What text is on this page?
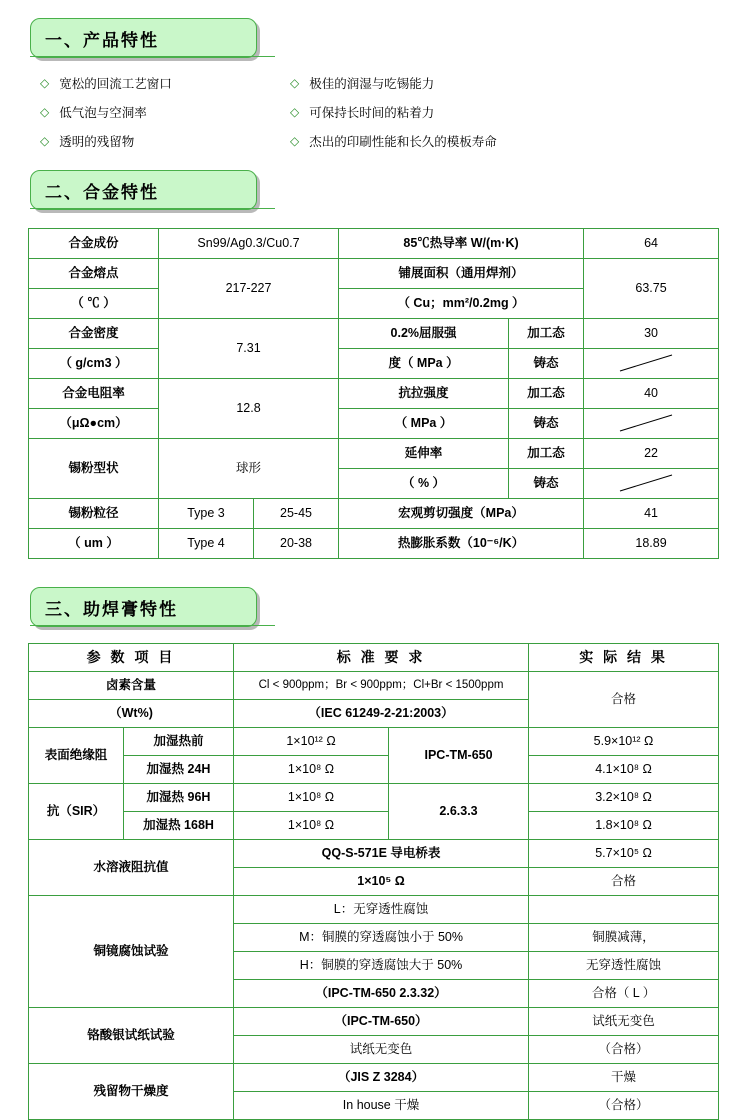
一、产品特性
◇ 宽松的回流工艺窗口
◇ 低气泡与空洞率
◇ 透明的残留物
◇ 极佳的润湿与吃锡能力
◇ 可保持长时间的粘着力
◇ 杰出的印刷性能和长久的模板寿命
二、合金特性
合金成份	Sn99/Ag0.3/Cu0.7		85℃热导率 W/(m·K)		64
合金熔点	217-227		铺展面积（通用焊剂）		63.75
（ ℃ ）			（ Cu；mm²/0.2mg ）		
合金密度	7.31		0.2%屈服强	加工态	30
（ g/cm3 ）			度（ MPa ）	铸态	

合金电阻率	12.8		抗拉强度	加工态	40
（μΩ●cm）			（ MPa ）	铸态	

锡粉型状	球形		延伸率	加工态	22
			（ % ）	铸态	

锡粉粒径	Type 3	25-45	宏观剪切强度（MPa）		41
（ um ）	Type 4	20-38	热膨胀系数（10⁻⁶/K）		18.89
三、助焊膏特性
参 数 项 目		标 准 要 求		实 际 结 果
卤素含量		Cl < 900ppm；Br < 900ppm；Cl+Br < 1500ppm		合格
（Wt%)		（IEC 61249-2-21:2003）		
表面绝缘阻	加湿热前	1×10¹² Ω	IPC-TM-650	5.9×10¹² Ω
	加湿热 24H	1×10⁸ Ω		4.1×10⁸ Ω
抗（SIR）	加湿热 96H	1×10⁸ Ω	2.6.3.3	3.2×10⁸ Ω
	加湿热 168H	1×10⁸ Ω		1.8×10⁸ Ω
水溶液阻抗值		QQ-S-571E 导电桥表		5.7×10⁵ Ω
		1×10⁵ Ω		合格
铜镜腐蚀试验		L：无穿透性腐蚀		
		M：铜膜的穿透腐蚀小于 50%		铜膜减薄，
		H：铜膜的穿透腐蚀大于 50%		无穿透性腐蚀
		（IPC-TM-650 2.3.32）		合格（ L ）
铬酸银试纸试验		（IPC-TM-650）		试纸无变色
		试纸无变色		（合格）
残留物干燥度		（JIS Z 3284）		干燥
		In house 干燥		（合格）
